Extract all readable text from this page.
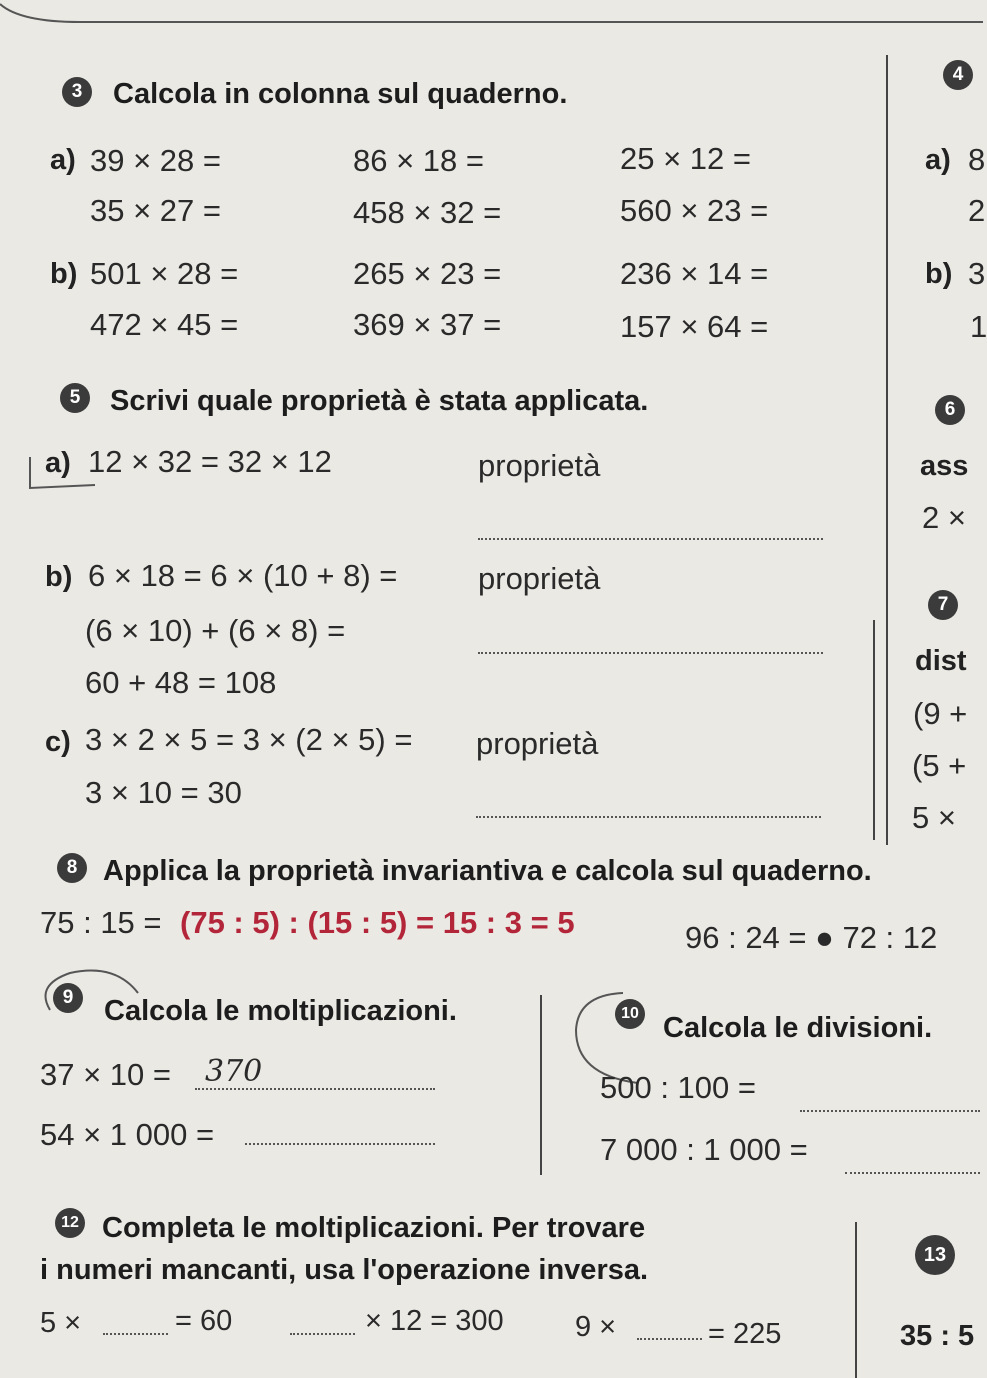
3	Calcola in colonna sul quaderno.
a) 39 × 28 =	86 × 18 =	25 × 12 =
35 × 27 =	458 × 32 =	560 × 23 =
b) 501 × 28 =	265 × 23 =	236 × 14 =
472 × 45 =	369 × 37 =	157 × 64 =
4
a) 8
2
b) 3
1
5	Scrivi quale proprietà è stata applicata.
a) 12 × 32 = 32 × 12	proprietà
b) 6 × 18 = 6 × (10 + 8) =	proprietà
(6 × 10) + (6 × 8) =
60 + 48 = 108
c) 3 × 2 × 5 = 3 × (2 × 5) = proprietà
3 × 10 = 30
6
ass
2 ×
7
dist
(9 +
(5 +
5 ×
8 Applica la proprietà invariantiva e calcola sul quaderno.
75 : 15 = (75 : 5) : (15 : 5) = 15 : 3 = 5	96 : 24 = ● 72 : 12
9	Calcola le moltiplicazioni.
37 × 10 = 370
54 × 1 000 =
10 Calcola le divisioni.
500 : 100 =
7 000 : 1 000 =
12 Completa le moltiplicazioni. Per trovare
i numeri mancanti, usa l'operazione inversa.
5 ×	= 60	× 12 = 300 9 ×	= 225
13
35 : 5
